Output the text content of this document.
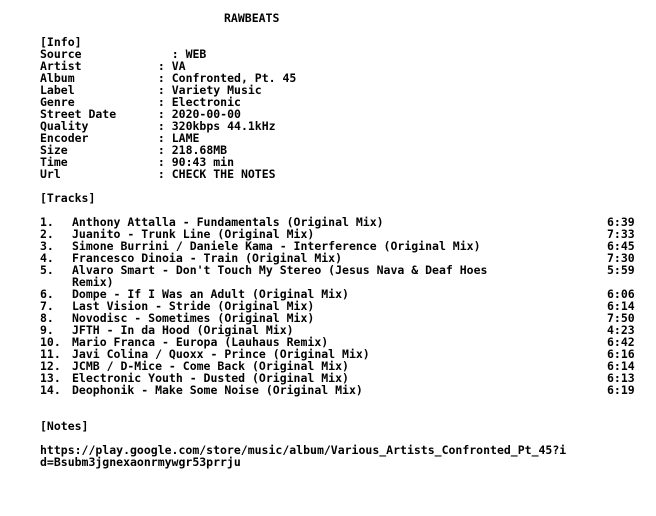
RAWBEATS
[Info]
Source	: WEB
Artist	: VA
Album	: Confronted, Pt. 45
Label	: Variety Music
Genre	: Electronic
Street Date  : 2020-00-00
Quality	: 320kbps 44.1kHz
Encoder	: LAME
Size	: 218.68MB
Time	: 90:43 min
Url	: CHECK THE NOTES
[Tracks]
1. Anthony Attalla - Fundamentals (Original Mix)	6:39
2. Juanito - Trunk Line (Original Mix)	7:33
3. Simone Burrini / Daniele Kama - Interference (Original Mix)	6:45
4. Francesco Dinoia - Train (Original Mix)	7:30
5. Alvaro Smart - Don't Touch My Stereo (Jesus Nava & Deaf Hoes	5:59
Remix)
6. Dompe - If I Was an Adult (Original Mix)	6:06
7. Last Vision - Stride (Original Mix)	6:14
8. Novodisc - Sometimes (Original Mix)	7:50
9. JFTH - In da Hood (Original Mix)	4:23
10. Mario Franca - Europa (Lauhaus Remix)	6:42
11. Javi Colina / Quoxx - Prince (Original Mix)	6:16
12. JCMB / D-Mice - Come Back (Original Mix)	6:14
13. Electronic Youth - Dusted (Original Mix)	6:13
14. Deophonik - Make Some Noise (Original Mix)	6:19
[Notes]
https://play.google.com/store/music/album/Various_Artists_Confronted_Pt_45?i
d=Bsubm3jgnexaonrmywgr53prrju
